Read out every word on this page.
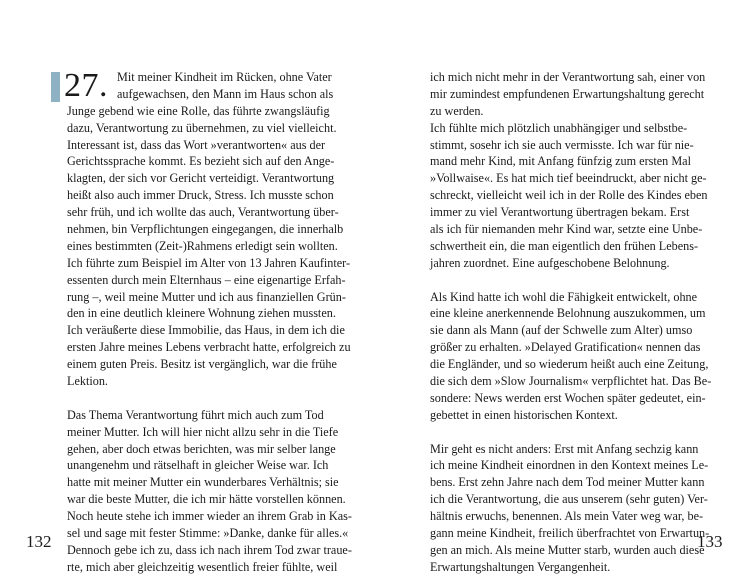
27. Mit meiner Kindheit im Rücken, ohne Vater
aufgewachsen, den Mann im Haus schon als
Junge gebend wie eine Rolle, das führte zwangsläufig
dazu, Verantwortung zu übernehmen, zu viel vielleicht.
Interessant ist, dass das Wort »verantworten« aus der
Gerichtssprache kommt. Es bezieht sich auf den Ange-
klagten, der sich vor Gericht verteidigt. Verantwortung
heißt also auch immer Druck, Stress. Ich musste schon
sehr früh, und ich wollte das auch, Verantwortung über-
nehmen, bin Verpflichtungen eingegangen, die innerhalb
eines bestimmten (Zeit-)Rahmens erledigt sein wollten.
Ich führte zum Beispiel im Alter von 13 Jahren Kaufinter-
essenten durch mein Elternhaus – eine eigenartige Erfah-
rung –, weil meine Mutter und ich aus finanziellen Grün-
den in eine deutlich kleinere Wohnung ziehen mussten.
Ich veräußerte diese Immobilie, das Haus, in dem ich die
ersten Jahre meines Lebens verbracht hatte, erfolgreich zu
einem guten Preis. Besitz ist vergänglich, war die frühe
Lektion.
Das Thema Verantwortung führt mich auch zum Tod
meiner Mutter. Ich will hier nicht allzu sehr in die Tiefe
gehen, aber doch etwas berichten, was mir selber lange
unangenehm und rätselhaft in gleicher Weise war. Ich
hatte mit meiner Mutter ein wunderbares Verhältnis; sie
war die beste Mutter, die ich mir hätte vorstellen können.
Noch heute stehe ich immer wieder an ihrem Grab in Kas-
sel und sage mit fester Stimme: »Danke, danke für alles.«
Dennoch gebe ich zu, dass ich nach ihrem Tod zwar traue-
rte, mich aber gleichzeitig wesentlich freier fühlte, weil
132	133
ich mich nicht mehr in der Verantwortung sah, einer von
mir zumindest empfundenen Erwartungshaltung gerecht
zu werden.
Ich fühlte mich plötzlich unabhängiger und selbstbe-
stimmt, sosehr ich sie auch vermisste. Ich war für nie-
mand mehr Kind, mit Anfang fünfzig zum ersten Mal
»Vollwaise«. Es hat mich tief beeindruckt, aber nicht ge-
schreckt, vielleicht weil ich in der Rolle des Kindes eben
immer zu viel Verantwortung übertragen bekam. Erst
als ich für niemanden mehr Kind war, setzte eine Unbe-
schwertheit ein, die man eigentlich den frühen Lebens-
jahren zuordnet. Eine aufgeschobene Belohnung.
Als Kind hatte ich wohl die Fähigkeit entwickelt, ohne
eine kleine anerkennende Belohnung auszukommen, um
sie dann als Mann (auf der Schwelle zum Alter) umso
größer zu erhalten. »Delayed Gratification« nennen das
die Engländer, und so wiederum heißt auch eine Zeitung,
die sich dem »Slow Journalism« verpflichtet hat. Das Be-
sondere: News werden erst Wochen später gedeutet, ein-
gebettet in einen historischen Kontext.
Mir geht es nicht anders: Erst mit Anfang sechzig kann
ich meine Kindheit einordnen in den Kontext meines Le-
bens. Erst zehn Jahre nach dem Tod meiner Mutter kann
ich die Verantwortung, die aus unserem (sehr guten) Ver-
hältnis erwuchs, benennen. Als mein Vater weg war, be-
gann meine Kindheit, freilich überfrachtet von Erwartun-
gen an mich. Als meine Mutter starb, wurden auch diese
Erwartungshaltungen Vergangenheit.
